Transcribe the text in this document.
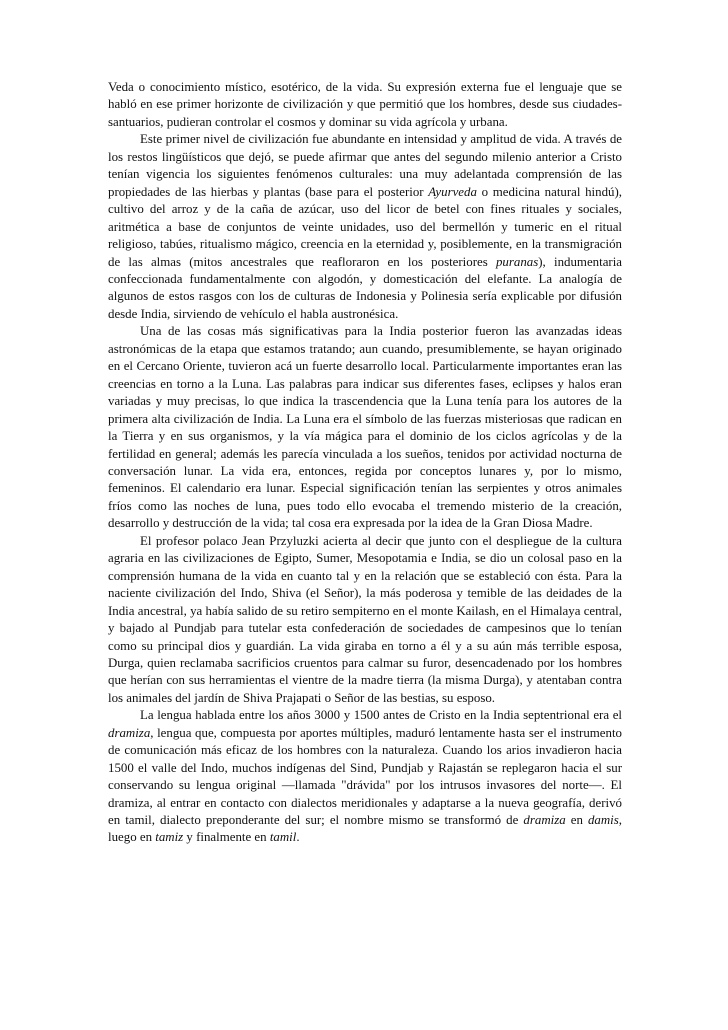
Veda o conocimiento místico, esotérico, de la vida. Su expresión externa fue el lenguaje que se habló en ese primer horizonte de civilización y que permitió que los hombres, desde sus ciudades-santuarios, pudieran controlar el cosmos y dominar su vida agrícola y urbana.

Este primer nivel de civilización fue abundante en intensidad y amplitud de vida. A través de los restos lingüísticos que dejó, se puede afirmar que antes del segundo milenio anterior a Cristo tenían vigencia los siguientes fenómenos culturales: una muy adelantada comprensión de las propiedades de las hierbas y plantas (base para el posterior Ayurveda o medicina natural hindú), cultivo del arroz y de la caña de azúcar, uso del licor de betel con fines rituales y sociales, aritmética a base de conjuntos de veinte unidades, uso del bermellón y tumeric en el ritual religioso, tabúes, ritualismo mágico, creencia en la eternidad y, posiblemente, en la transmigración de las almas (mitos ancestrales que reafloraron en los posteriores puranas), indumentaria confeccionada fundamentalmente con algodón, y domesticación del elefante. La analogía de algunos de estos rasgos con los de culturas de Indonesia y Polinesia sería explicable por difusión desde India, sirviendo de vehículo el habla austronésica.

Una de las cosas más significativas para la India posterior fueron las avanzadas ideas astronómicas de la etapa que estamos tratando; aun cuando, presumiblemente, se hayan originado en el Cercano Oriente, tuvieron acá un fuerte desarrollo local. Particularmente importantes eran las creencias en torno a la Luna. Las palabras para indicar sus diferentes fases, eclipses y halos eran variadas y muy precisas, lo que indica la trascendencia que la Luna tenía para los autores de la primera alta civilización de India. La Luna era el símbolo de las fuerzas misteriosas que radican en la Tierra y en sus organismos, y la vía mágica para el dominio de los ciclos agrícolas y de la fertilidad en general; además les parecía vinculada a los sueños, tenidos por actividad nocturna de conversación lunar. La vida era, entonces, regida por conceptos lunares y, por lo mismo, femeninos. El calendario era lunar. Especial significación tenían las serpientes y otros animales fríos como las noches de luna, pues todo ello evocaba el tremendo misterio de la creación, desarrollo y destrucción de la vida; tal cosa era expresada por la idea de la Gran Diosa Madre.

El profesor polaco Jean Przyluzki acierta al decir que junto con el despliegue de la cultura agraria en las civilizaciones de Egipto, Sumer, Mesopotamia e India, se dio un colosal paso en la comprensión humana de la vida en cuanto tal y en la relación que se estableció con ésta. Para la naciente civilización del Indo, Shiva (el Señor), la más poderosa y temible de las deidades de la India ancestral, ya había salido de su retiro sempiterno en el monte Kailash, en el Himalaya central, y bajado al Pundjab para tutelar esta confederación de sociedades de campesinos que lo tenían como su principal dios y guardián. La vida giraba en torno a él y a su aún más terrible esposa, Durga, quien reclamaba sacrificios cruentos para calmar su furor, desencadenado por los hombres que herían con sus herramientas el vientre de la madre tierra (la misma Durga), y atentaban contra los animales del jardín de Shiva Prajapati o Señor de las bestias, su esposo.

La lengua hablada entre los años 3000 y 1500 antes de Cristo en la India septentrional era el dramiza, lengua que, compuesta por aportes múltiples, maduró lentamente hasta ser el instrumento de comunicación más eficaz de los hombres con la naturaleza. Cuando los arios invadieron hacia 1500 el valle del Indo, muchos indígenas del Sind, Pundjab y Rajastán se replegaron hacia el sur conservando su lengua original —llamada "drávida" por los intrusos invasores del norte—. El dramiza, al entrar en contacto con dialectos meridionales y adaptarse a la nueva geografía, derivó en tamil, dialecto preponderante del sur; el nombre mismo se transformó de dramiza en damis, luego en tamiz y finalmente en tamil.
